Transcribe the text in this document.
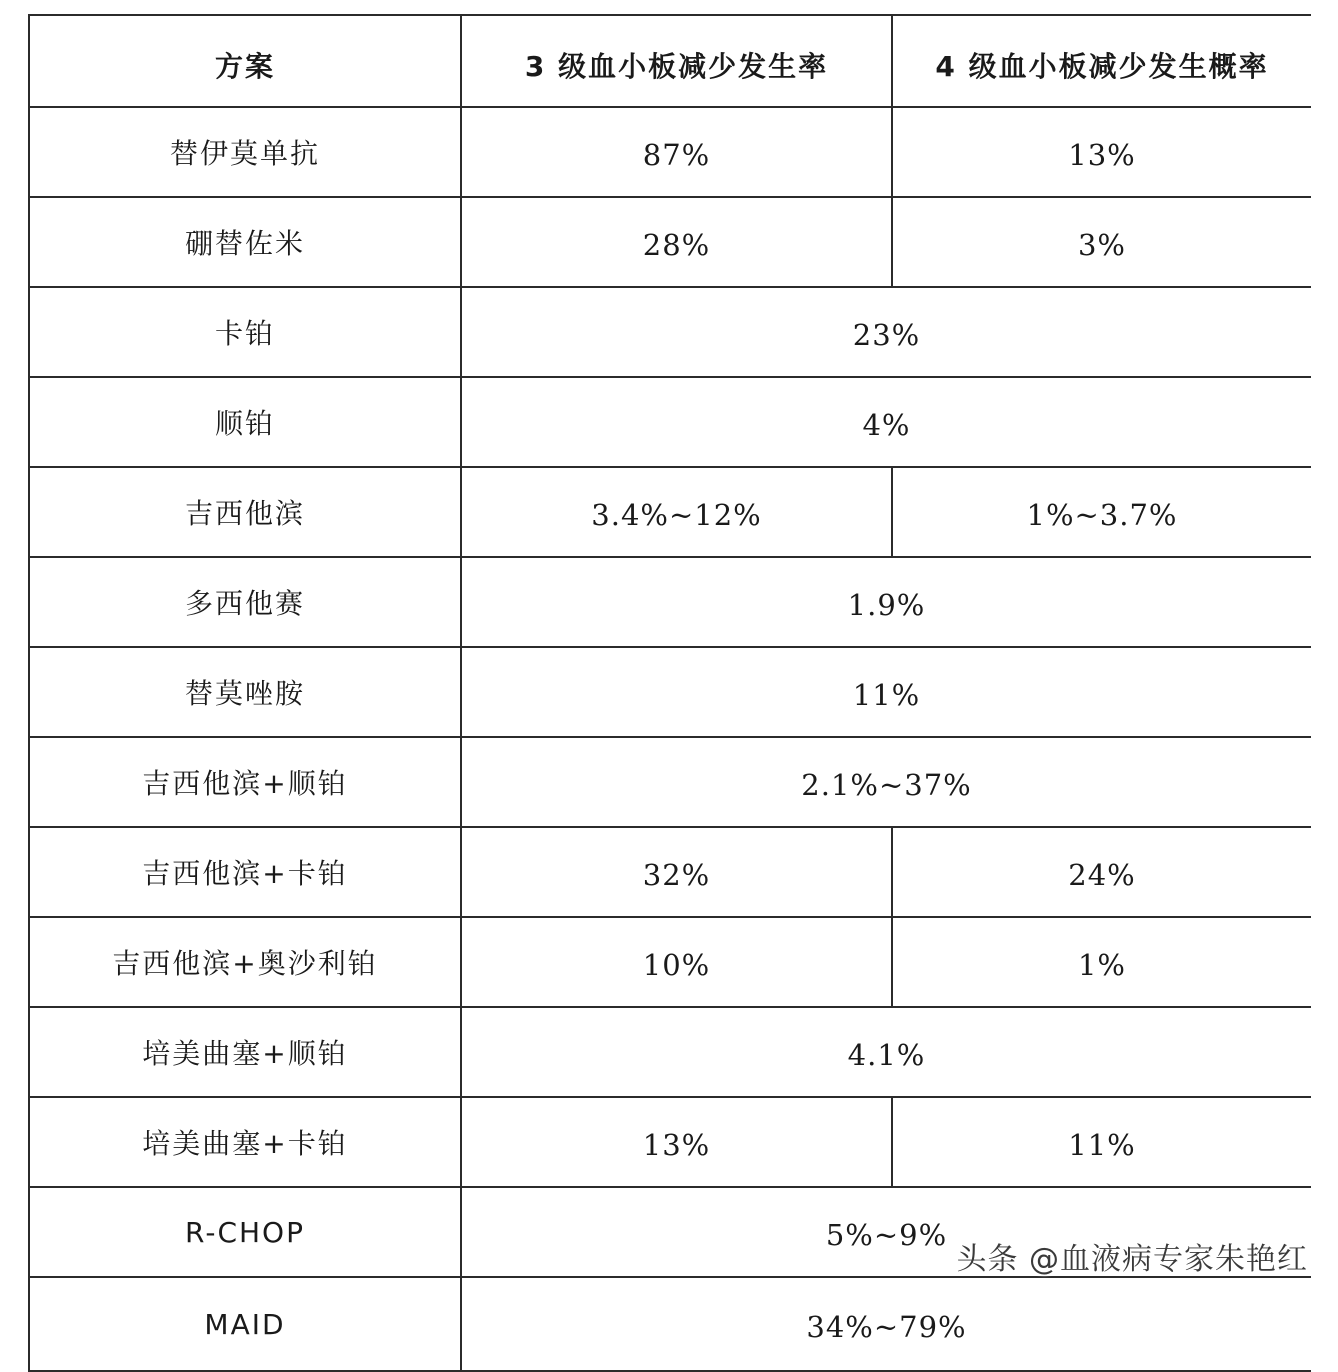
方案	3 级血小板减少发生率	4 级血小板减少发生概率
替伊莫单抗	87%	13%
硼替佐米	28%	3%
卡铂	23%	
顺铂	4%	
吉西他滨	3.4%~12%	1%~3.7%
多西他赛	1.9%	
替莫唑胺	11%	
吉西他滨+顺铂	2.1%~37%	
吉西他滨+卡铂	32%	24%
吉西他滨+奥沙利铂	10%	1%
培美曲塞+顺铂	4.1%	
培美曲塞+卡铂	13%	11%
R-CHOP	5%~9%	
MAID	34%~79%	
头条 @血液病专家朱艳红
